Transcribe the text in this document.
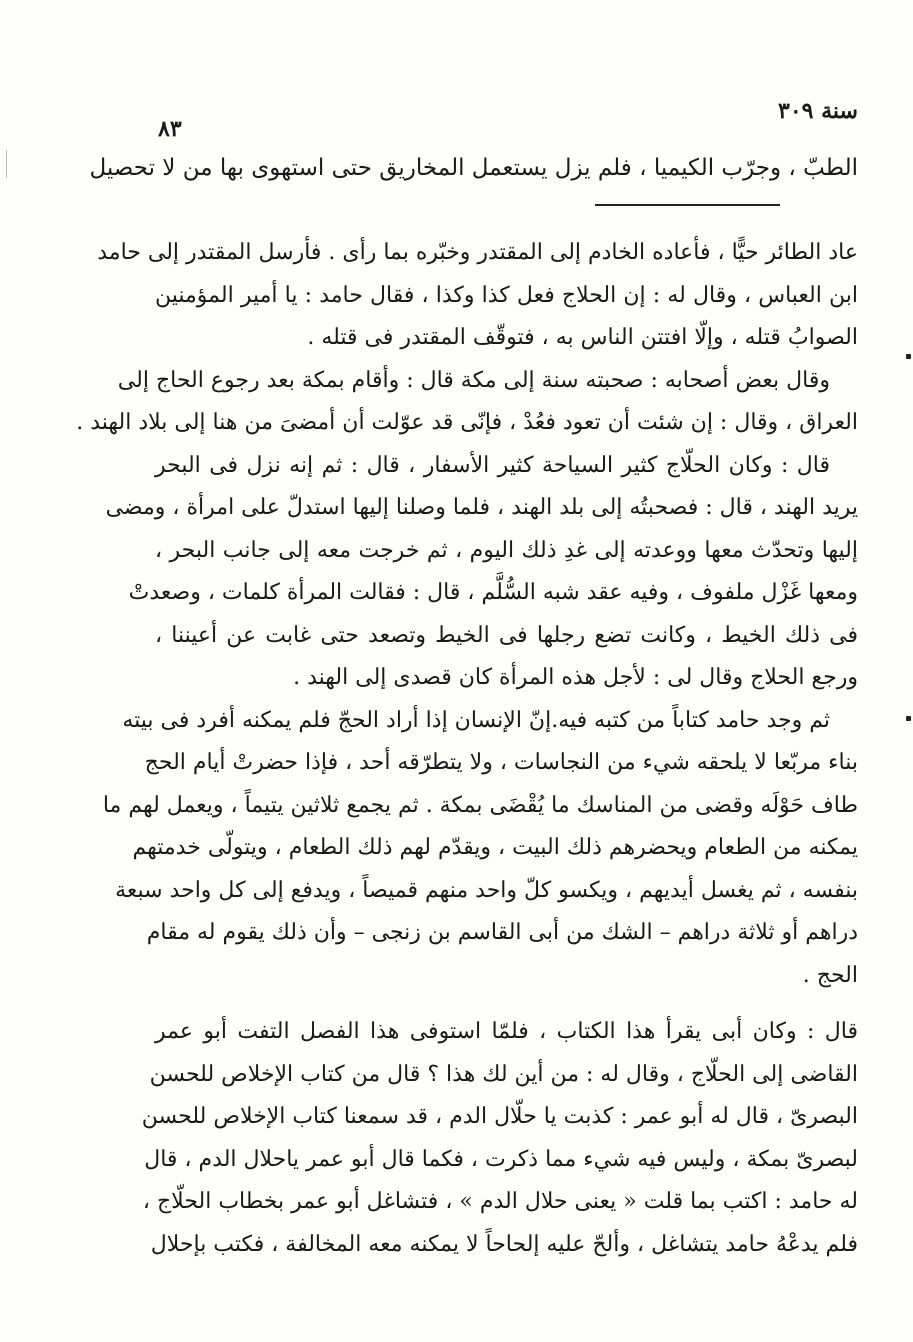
سنة ٣٠٩
٨٣
الطبّ ، وجرّب الكيميا ، فلم يزل يستعمل المخاريق حتى استهوى بها من لا تحصيل
عاد الطائر حيًّا ، فأعاده الخادم إلى المقتدر وخبّره بما رأى . فأرسل المقتدر إلى حامد
ابن العباس ، وقال له : إن الحلاج فعل كذا وكذا ، فقال حامد : يا أمير المؤمنين
الصوابُ قتله ، وإلّا افتتن الناس به ، فتوقّف المقتدر فى قتله .
وقال بعض أصحابه : صحبته سنة إلى مكة قال : وأقام بمكة بعد رجوع الحاج إلى
العراق ، وقال : إن شئت أن تعود فعُدْ ، فإنّى قد عوّلت أن أمضىَ من هنا إلى بلاد الهند .
قال : وكان الحلّاج كثير السياحة كثير الأسفار ، قال : ثم إنه نزل فى البحر
يريد الهند ، قال : فصحبتُه إلى بلد الهند ، فلما وصلنا إليها استدلّ على امرأة ، ومضى
إليها وتحدّث معها ووعدته إلى غدِ ذلك اليوم ، ثم خرجت معه إلى جانب البحر ،
ومعها غَزْل ملفوف ، وفيه عقد شبه السُّلَّم ، قال : فقالت المرأة كلمات ، وصعدتْ
فى ذلك الخيط ، وكانت تضع رجلها فى الخيط وتصعد حتى غابت عن أعيننا ،
ورجع الحلاج وقال لى : لأجل هذه المرأة كان قصدى إلى الهند .
ثم وجد حامد كتاباً من كتبه فيه.إنّ الإنسان إذا أراد الحجّ فلم يمكنه أفرد فى بيته
بناء مربّعا لا يلحقه شيء من النجاسات ، ولا يتطرّقه أحد ، فإذا حضرتْ أيام الحج
طاف حَوْلَه وقضى من المناسك ما يُقْضَى بمكة . ثم يجمع ثلاثين يتيماً ، ويعمل لهم ما
يمكنه من الطعام ويحضرهم ذلك البيت ، ويقدّم لهم ذلك الطعام ، ويتولّى خدمتهم
بنفسه ، ثم يغسل أيديهم ، ويكسو كلّ واحد منهم قميصاً ، ويدفع إلى كل واحد سبعة
دراهم أو ثلاثة دراهم – الشك من أبى القاسم بن زنجى – وأن ذلك يقوم له مقام
الحج .
قال : وكان أبى يقرأ هذا الكتاب ، فلمّا استوفى هذا الفصل التفت أبو عمر
القاضى إلى الحلّاج ، وقال له : من أين لك هذا ؟ قال من كتاب الإخلاص للحسن
البصرىّ ، قال له أبو عمر : كذبت يا حلّال الدم ، قد سمعنا كتاب الإخلاص للحسن
لبصرىّ بمكة ، وليس فيه شيء مما ذكرت ، فكما قال أبو عمر ياحلال الدم ، قال
له حامد : اكتب بما قلت « يعنى حلال الدم » ، فتشاغل أبو عمر بخطاب الحلّاج ،
فلم يدعْهُ حامد يتشاغل ، وألحّ عليه إلحاحاً لا يمكنه معه المخالفة ، فكتب بإحلال
